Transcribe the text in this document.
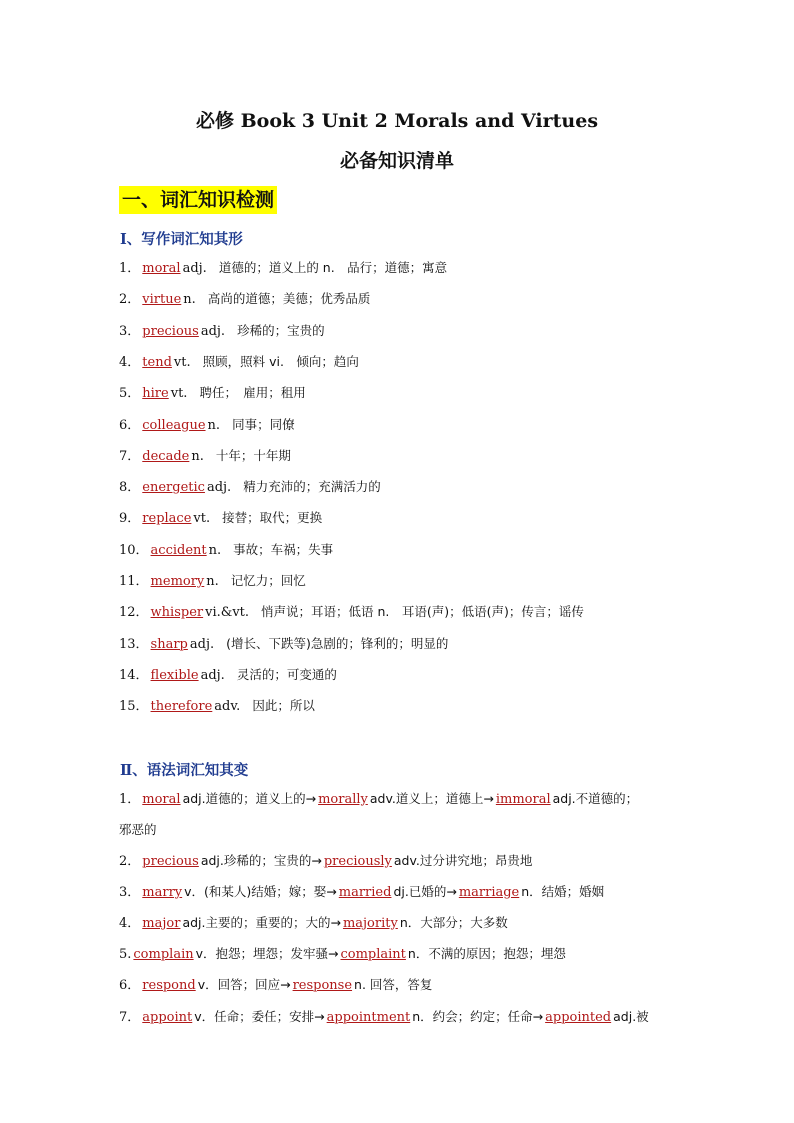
必修 Book 3 Unit 2 Morals and Virtues
必备知识清单
一、词汇知识检测
Ⅰ、写作词汇知其形
1． moral adj. 道德的；道义上的 n.　品行；道德；寓意
2． virtue n. 高尚的道德；美德；优秀品质
3． precious adj. 珍稀的；宝贵的
4． tend vt. 照顾，照料 vi.　倾向；趋向
5． hire vt. 聘任；　雇用；租用
6． colleague n. 同事；同僚
7． decade n. 十年；十年期
8． energetic adj. 精力充沛的；充满活力的
9． replace vt. 接替；取代；更换
10． accident n. 事故；车祸；失事
11． memory n. 记忆力；回忆
12． whisper vi.&vt. 悄声说；耳语；低语 n.　耳语(声)；低语(声)；传言；谣传
13． sharp adj. (增长、下跌等)急剧的；锋利的；明显的
14． flexible adj. 灵活的；可变通的
15． therefore adv. 因此；所以
Ⅱ、语法词汇知其变
1． moral adj.道德的；道义上的→ morally adv.道义上；道德上→ immoral adj.不道德的；
邪恶的
2． precious adj.珍稀的；宝贵的→ preciously adv.过分讲究地；昂贵地
3． marry v．(和某人)结婚；嫁；娶→ married dj.已婚的→ marriage n．结婚；婚姻
4． major adj.主要的；重要的；大的→ majority n．大部分；大多数
5. complain v．抱怨；埋怨；发牢骚→ complaint n．不满的原因；抱怨；埋怨
6． respond v．回答；回应→ response n. 回答，答复
7． appoint v．任命；委任；安排→ appointment n．约会；约定；任命→ appointed adj.被
